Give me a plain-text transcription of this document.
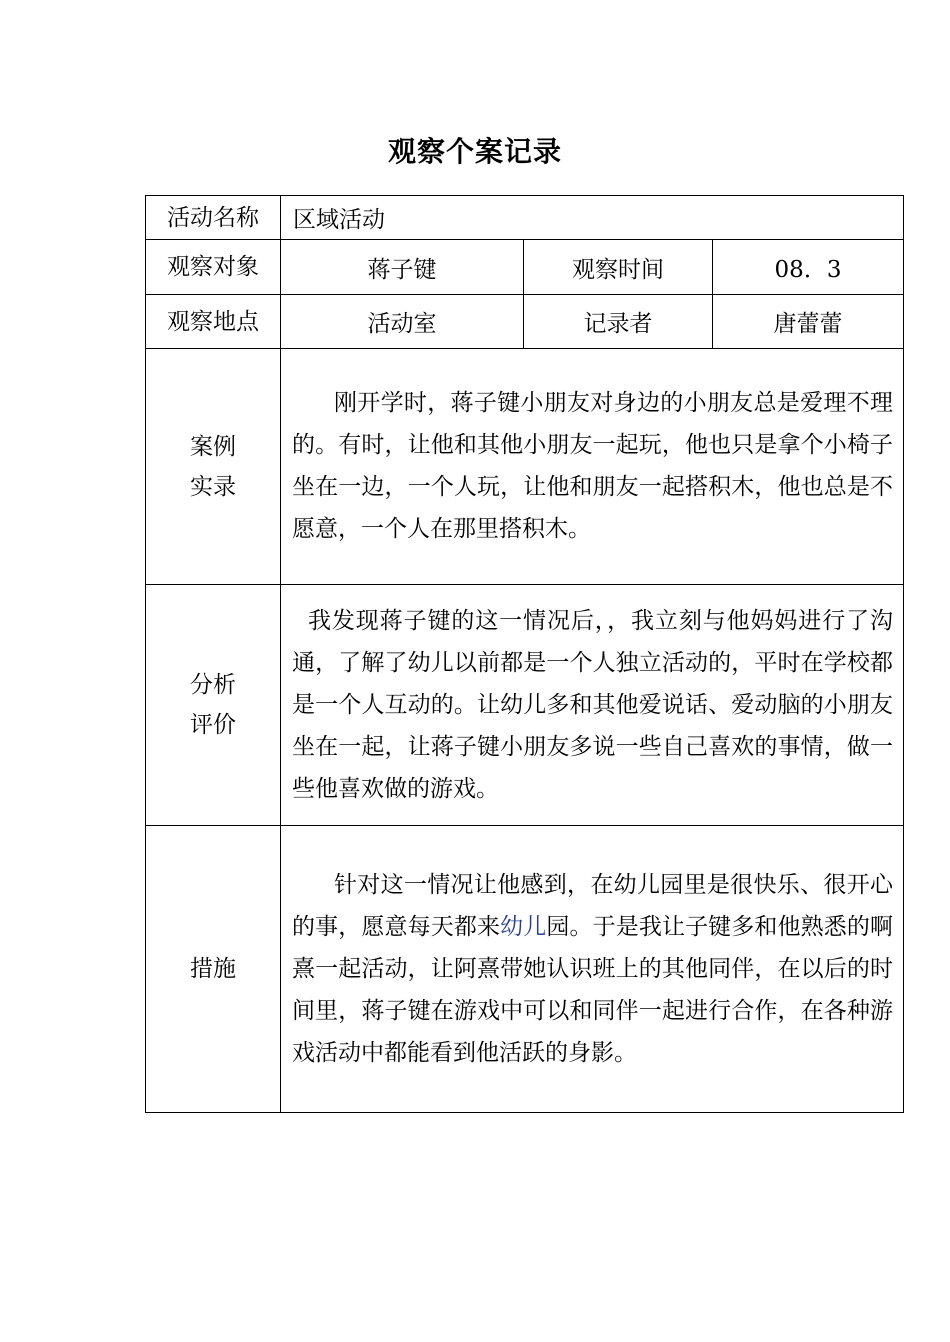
观察个案记录
活动名称	区域活动		
观察对象	蒋子键	观察时间	08．3
观察地点	活动室	记录者	唐蕾蕾

案例
实录	刚开学时，蒋子键小朋友对身边的小朋友总是爱理不理的。有时，让他和其他小朋友一起玩，他也只是拿个小椅子坐在一边，一个人玩，让他和朋友一起搭积木，他也总是不愿意，一个人在那里搭积木。		

分析
评价	我发现蒋子键的这一情况后，，我立刻与他妈妈进行了沟通，了解了幼儿以前都是一个人独立活动的，平时在学校都是一个人互动的。让幼儿多和其他爱说话、爱动脑的小朋友坐在一起，让蒋子键小朋友多说一些自己喜欢的事情，做一些他喜欢做的游戏。		

措施	针对这一情况让他感到，在幼儿园里是很快乐、很开心的事，愿意每天都来幼儿园。于是我让子键多和他熟悉的啊熹一起活动，让阿熹带她认识班上的其他同伴，在以后的时间里，蒋子键在游戏中可以和同伴一起进行合作，在各种游戏活动中都能看到他活跃的身影。		
